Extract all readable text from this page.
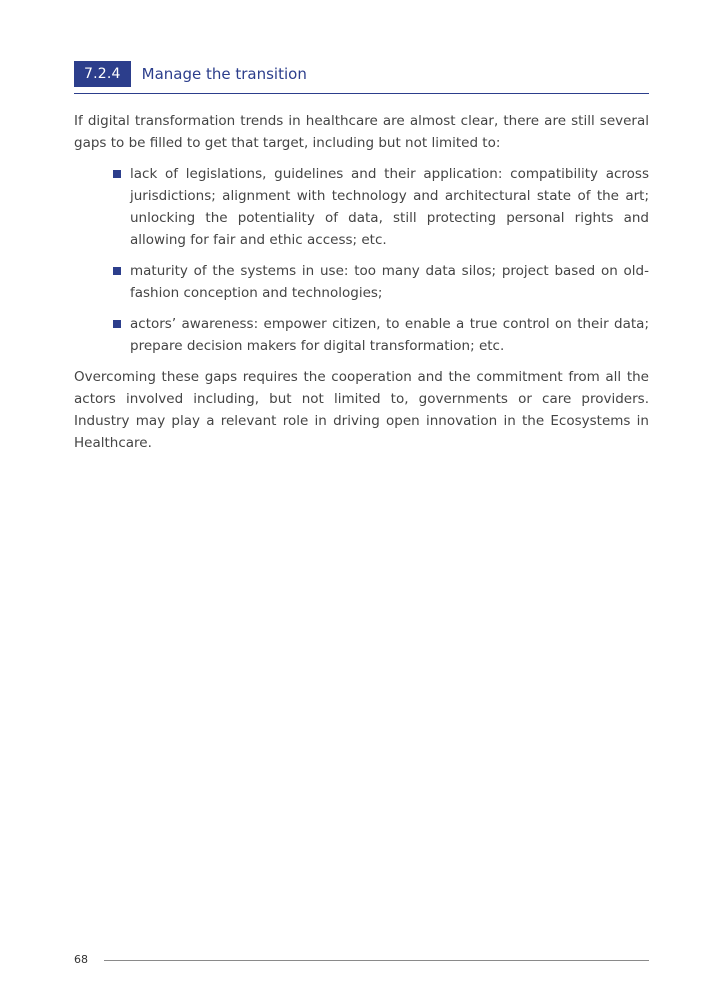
7.2.4	Manage the transition

If digital transformation trends in healthcare are almost clear, there are still several gaps to be filled to get that target, including but not limited to:

lack of legislations, guidelines and their application: compatibility across jurisdictions; alignment with technology and architectural state of the art; unlocking the potentiality of data, still protecting personal rights and allowing for fair and ethic access; etc.
maturity of the systems in use: too many data silos; project based on old-fashion conception and technologies;
actors’ awareness: empower citizen, to enable a true control on their data; prepare decision makers for digital transformation; etc.

Overcoming these gaps requires the cooperation and the commitment from all the actors involved including, but not limited to, governments or care providers. Industry may play a relevant role in driving open innovation in the Ecosystems in Healthcare.

68
